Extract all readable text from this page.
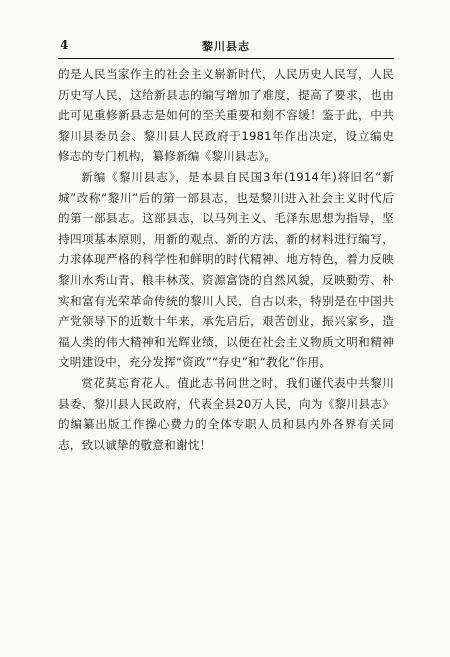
4	黎川县志

的是人民当家作主的社会主义崭新时代，人民历史人民写，人民历史写人民，这给新县志的编写增加了难度，提高了要求，也由此可见重修新县志是如何的至关重要和刻不容缓！鉴于此，中共黎川县委员会、黎川县人民政府于1981年作出决定，设立编史修志的专门机构，纂修新编《黎川县志》。

新编《黎川县志》，是本县自民国3年(1914年)将旧名“新城”改称“黎川”后的第一部县志，也是黎川进入社会主义时代后的第一部县志。这部县志，以马列主义、毛泽东思想为指导，坚持四项基本原则，用新的观点、新的方法、新的材料进行编写，力求体现严格的科学性和鲜明的时代精神、地方特色，着力反映黎川水秀山青、粮丰林茂、资源富饶的自然风貌，反映勤劳、朴实和富有光荣革命传统的黎川人民，自古以来，特别是在中国共产党领导下的近数十年来，承先启后，艰苦创业，振兴家乡，造福人类的伟大精神和光辉业绩，以便在社会主义物质文明和精神文明建设中，充分发挥“资政”“存史”和“教化”作用。

赏花莫忘育花人。值此志书问世之时，我们谨代表中共黎川县委、黎川县人民政府，代表全县20万人民，向为《黎川县志》的编纂出版工作操心费力的全体专职人员和县内外各界有关同志，致以诚挚的敬意和谢忱！
